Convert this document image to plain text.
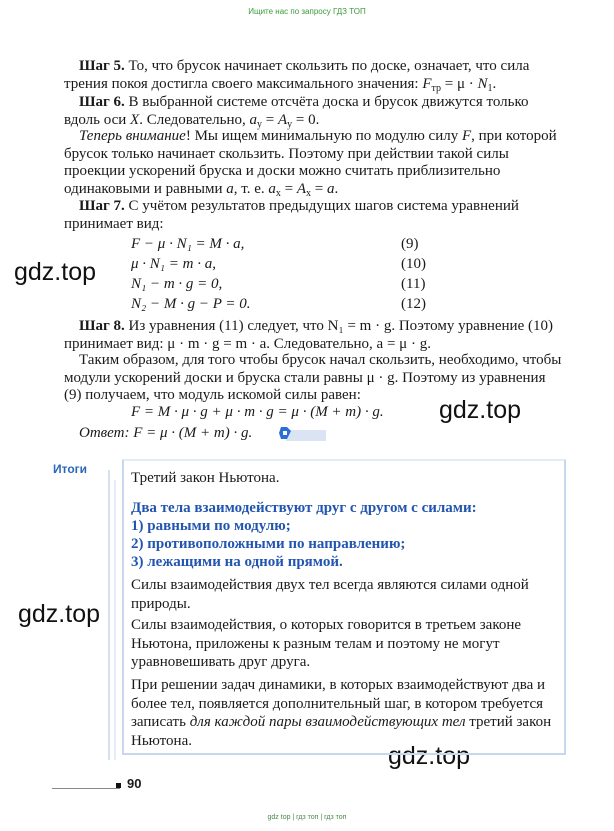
Ищите нас по запросу ГДЗ ТОП

Шаг 5. То, что брусок начинает скользить по доске, означает, что сила трения покоя достигла своего максимального значения: $F_{тр} = \mu \cdot N_1$.

Шаг 6. В выбранной системе отсчёта доска и брусок движутся только вдоль оси X. Следовательно, $a_y = A_y = 0$.

Теперь внимание! Мы ищем минимальную по модулю силу F, при которой брусок только начинает скользить. Поэтому при действии такой силы проекции ускорений бруска и доски можно считать приблизительно одинаковыми и равными a, т. е. $a_x = A_x = a$.

Шаг 7. С учётом результатов предыдущих шагов система уравнений принимает вид:

F − μ · N₁ = M · a,	(9)
μ · N₁ = m · a,	(10)
N₁ − m · g = 0,	(11)
N₂ − M · g − P = 0.	(12)

Шаг 8. Из уравнения (11) следует, что N₁ = m · g. Поэтому уравнение (10) принимает вид: μ · m · g = m · a. Следовательно, a = μ · g.

Таким образом, для того чтобы брусок начал скользить, необходимо, чтобы модули ускорений доски и бруска стали равны μ · g. Поэтому из уравнения (9) получаем, что модуль искомой силы равен:

F = M · μ · g + μ · m · g = μ · (M + m) · g.

Ответ: F = μ · (M + m) · g.

gdz.top
gdz.top
gdz.top
gdz.top
Итоги

Третий закон Ньютона.

Два тела взаимодействуют друг с другом с силами:

1) равными по модулю;

2) противоположными по направлению;

3) лежащими на одной прямой.

Силы взаимодействия двух тел всегда являются силами одной природы.

Силы взаимодействия, о которых говорится в третьем законе Ньютона, приложены к разным телам и поэтому не могут уравновешивать друг друга.

При решении задач динамики, в которых взаимодействуют два и более тел, появляется дополнительный шаг, в котором требуется записать для каждой пары взаимодействующих тел третий закон Ньютона.

90
gdz top | гдз топ | гдз топ
